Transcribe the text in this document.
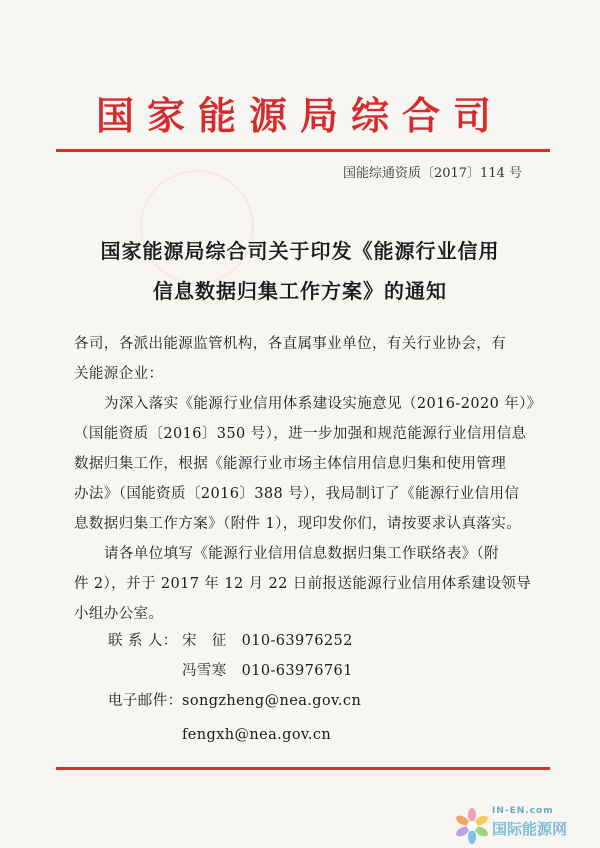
国家能源局综合司
国能综通资质〔2017〕114 号
国家能源局综合司关于印发《能源行业信用
信息数据归集工作方案》的通知
各司，各派出能源监管机构，各直属事业单位，有关行业协会，有
关能源企业：
为深入落实《能源行业信用体系建设实施意见（2016-2020 年）》
（国能资质〔2016〕350 号），进一步加强和规范能源行业信用信息
数据归集工作，根据《能源行业市场主体信用信息归集和使用管理
办法》（国能资质〔2016〕388 号），我局制订了《能源行业信用信
息数据归集工作方案》（附件 1），现印发你们，请按要求认真落实。
请各单位填写《能源行业信用信息数据归集工作联络表》（附
件 2），并于 2017 年 12 月 22 日前报送能源行业信用体系建设领导
小组办公室。
联 系 人： 宋　征　010-63976252
冯雪寒　010-63976761
电子邮件： songzheng@nea.gov.cn
fengxh@nea.gov.cn
IN-EN.com
国际能源网
